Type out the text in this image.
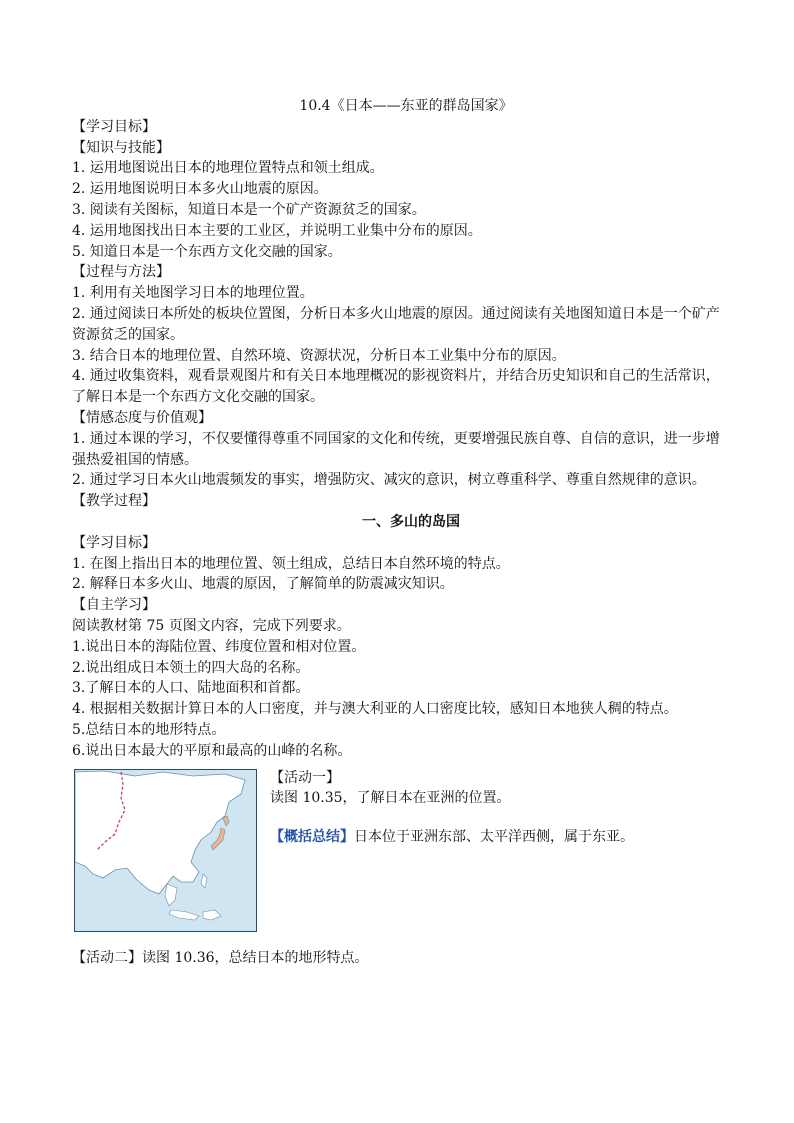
10.4《日本——东亚的群岛国家》
【学习目标】
【知识与技能】
1. 运用地图说出日本的地理位置特点和领土组成。
2. 运用地图说明日本多火山地震的原因。
3. 阅读有关图标，知道日本是一个矿产资源贫乏的国家。
4. 运用地图找出日本主要的工业区，并说明工业集中分布的原因。
5. 知道日本是一个东西方文化交融的国家。
【过程与方法】
1. 利用有关地图学习日本的地理位置。
2. 通过阅读日本所处的板块位置图，分析日本多火山地震的原因。通过阅读有关地图知道日本是一个矿产资源贫乏的国家。
3. 结合日本的地理位置、自然环境、资源状况，分析日本工业集中分布的原因。
4. 通过收集资料，观看景观图片和有关日本地理概况的影视资料片，并结合历史知识和自己的生活常识，了解日本是一个东西方文化交融的国家。
【情感态度与价值观】
1. 通过本课的学习，不仅要懂得尊重不同国家的文化和传统，更要增强民族自尊、自信的意识，进一步增强热爱祖国的情感。
2. 通过学习日本火山地震频发的事实，增强防灾、减灾的意识，树立尊重科学、尊重自然规律的意识。
【教学过程】
一、多山的岛国
【学习目标】
1. 在图上指出日本的地理位置、领土组成，总结日本自然环境的特点。
2. 解释日本多火山、地震的原因，了解简单的防震减灾知识。
【自主学习】
阅读教材第 75 页图文内容，完成下列要求。
1.说出日本的海陆位置、纬度位置和相对位置。
2.说出组成日本领土的四大岛的名称。
3.了解日本的人口、陆地面积和首都。
4. 根据相关数据计算日本的人口密度，并与澳大利亚的人口密度比较，感知日本地狭人稠的特点。
5.总结日本的地形特点。
6.说出日本最大的平原和最高的山峰的名称。
【活动一】
读图 10.35，了解日本在亚洲的位置。
【概括总结】日本位于亚洲东部、太平洋西侧，属于东亚。
【活动二】读图 10.36，总结日本的地形特点。
